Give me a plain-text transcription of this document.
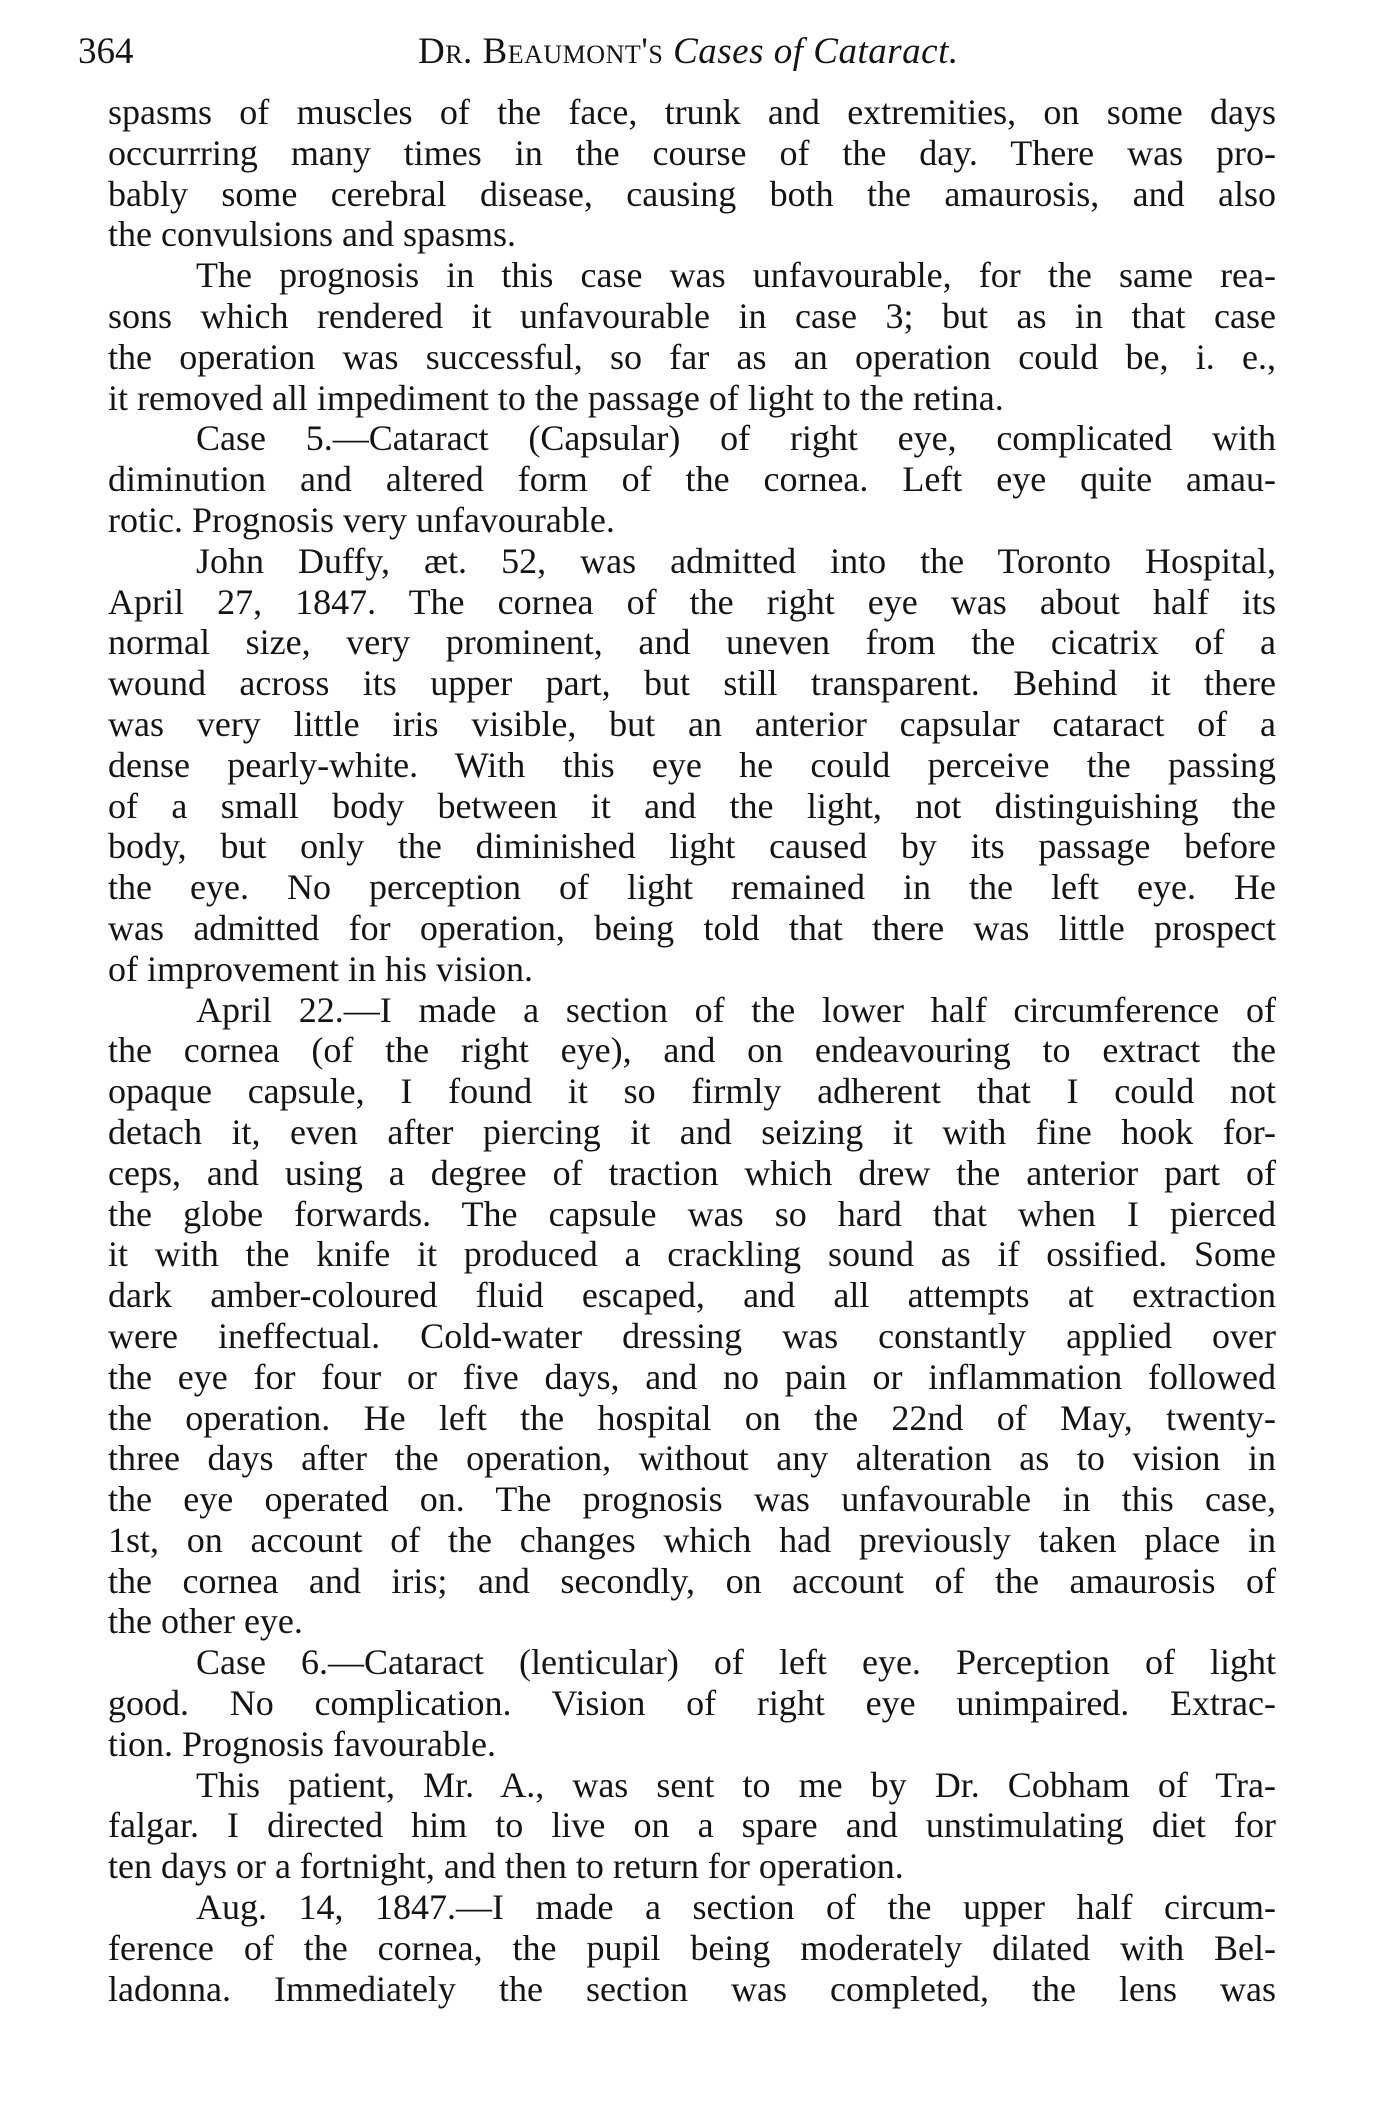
364	Dr. Beaumont's Cases of Cataract.
spasms of muscles of the face, trunk and extremities, on some days
occurrring many times in the course of the day. There was pro-
bably some cerebral disease, causing both the amaurosis, and also
the convulsions and spasms.
The prognosis in this case was unfavourable, for the same rea-
sons which rendered it unfavourable in case 3; but as in that case
the operation was successful, so far as an operation could be, i. e.,
it removed all impediment to the passage of light to the retina.
Case 5.—Cataract (Capsular) of right eye, complicated with
diminution and altered form of the cornea. Left eye quite amau-
rotic. Prognosis very unfavourable.
John Duffy, æt. 52, was admitted into the Toronto Hospital,
April 27, 1847. The cornea of the right eye was about half its
normal size, very prominent, and uneven from the cicatrix of a
wound across its upper part, but still transparent. Behind it there
was very little iris visible, but an anterior capsular cataract of a
dense pearly-white. With this eye he could perceive the passing
of a small body between it and the light, not distinguishing the
body, but only the diminished light caused by its passage before
the eye. No perception of light remained in the left eye. He
was admitted for operation, being told that there was little prospect
of improvement in his vision.
April 22.—I made a section of the lower half circumference of
the cornea (of the right eye), and on endeavouring to extract the
opaque capsule, I found it so firmly adherent that I could not
detach it, even after piercing it and seizing it with fine hook for-
ceps, and using a degree of traction which drew the anterior part of
the globe forwards. The capsule was so hard that when I pierced
it with the knife it produced a crackling sound as if ossified. Some
dark amber-coloured fluid escaped, and all attempts at extraction
were ineffectual. Cold-water dressing was constantly applied over
the eye for four or five days, and no pain or inflammation followed
the operation. He left the hospital on the 22nd of May, twenty-
three days after the operation, without any alteration as to vision in
the eye operated on. The prognosis was unfavourable in this case,
1st, on account of the changes which had previously taken place in
the cornea and iris; and secondly, on account of the amaurosis of
the other eye.
Case 6.—Cataract (lenticular) of left eye. Perception of light
good. No complication. Vision of right eye unimpaired. Extrac-
tion. Prognosis favourable.
This patient, Mr. A., was sent to me by Dr. Cobham of Tra-
falgar. I directed him to live on a spare and unstimulating diet for
ten days or a fortnight, and then to return for operation.
Aug. 14, 1847.—I made a section of the upper half circum-
ference of the cornea, the pupil being moderately dilated with Bel-
ladonna. Immediately the section was completed, the lens was
